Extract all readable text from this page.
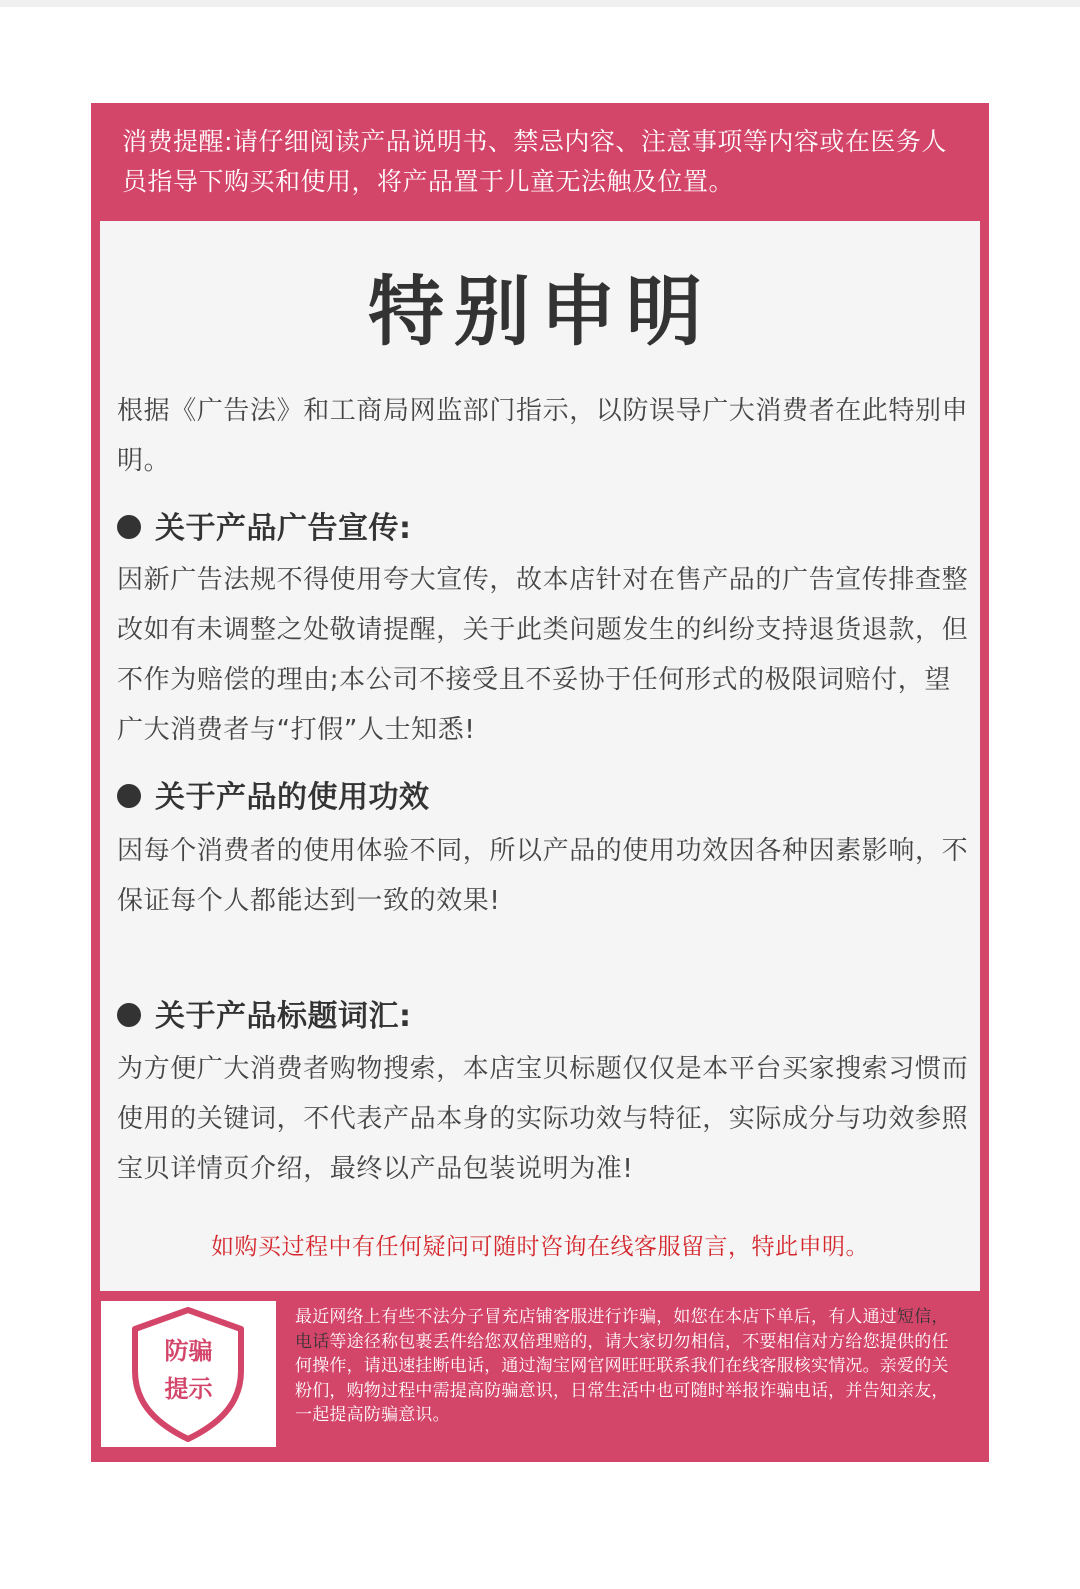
消费提醒:请仔细阅读产品说明书、禁忌内容、注意事项等内容或在医务人员指导下购买和使用，将产品置于儿童无法触及位置。
特别申明
根据《广告法》和工商局网监部门指示，以防误导广大消费者在此特别申明。
关于产品广告宣传:
因新广告法规不得使用夸大宣传，故本店针对在售产品的广告宣传排查整改如有未调整之处敬请提醒，关于此类问题发生的纠纷支持退货退款，但不作为赔偿的理由;本公司不接受且不妥协于任何形式的极限词赔付，望广大消费者与“打假”人士知悉!
关于产品的使用功效
因每个消费者的使用体验不同，所以产品的使用功效因各种因素影响，不保证每个人都能达到一致的效果!
关于产品标题词汇:
为方便广大消费者购物搜索，本店宝贝标题仅仅是本平台买家搜索习惯而使用的关键词，不代表产品本身的实际功效与特征，实际成分与功效参照宝贝详情页介绍，最终以产品包装说明为准!
如购买过程中有任何疑问可随时咨询在线客服留言，特此申明。
防骗
提示
最近网络上有些不法分子冒充店铺客服进行诈骗，如您在本店下单后，有人通过短信，电话等途径称包裹丢件给您双倍理赔的，请大家切勿相信，不要相信对方给您提供的任何操作，请迅速挂断电话，通过淘宝网官网旺旺联系我们在线客服核实情况。亲爱的关粉们，购物过程中需提高防骗意识，日常生活中也可随时举报诈骗电话，并告知亲友，一起提高防骗意识。
